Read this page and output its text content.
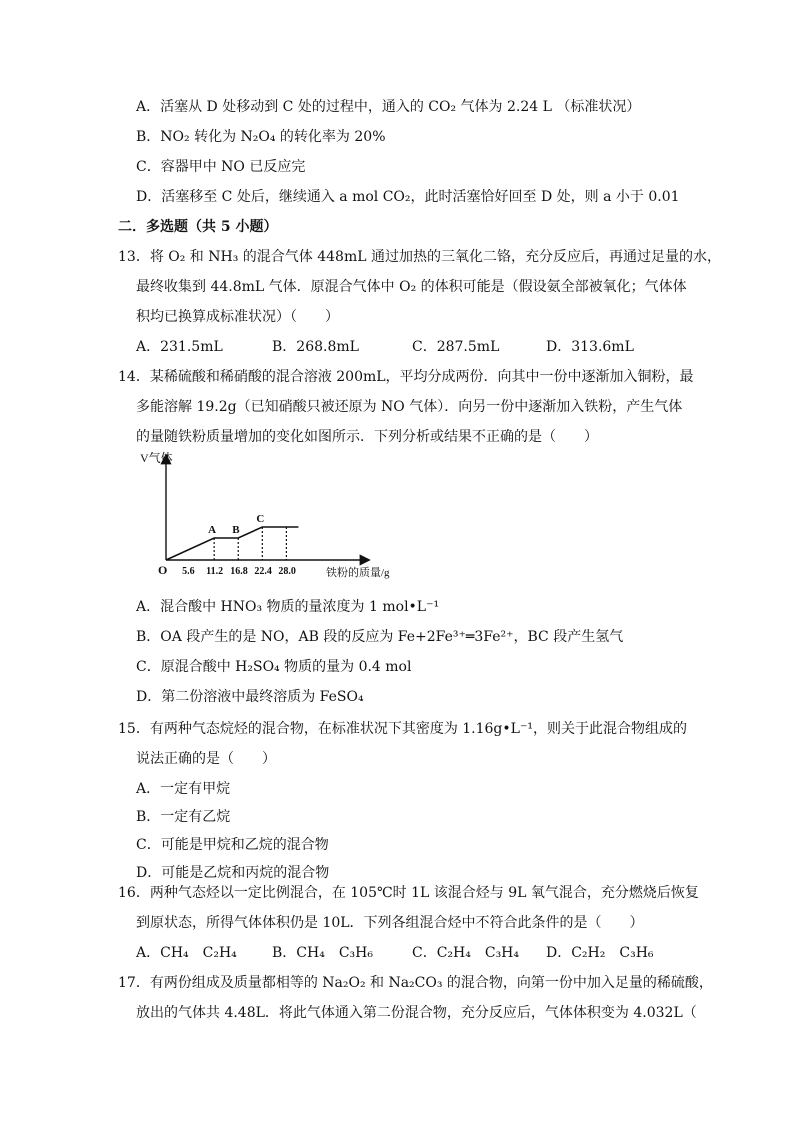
A．活塞从 D 处移动到 C 处的过程中，通入的 CO₂ 气体为 2.24 L （标准状况）
B．NO₂ 转化为 N₂O₄ 的转化率为 20%
C．容器甲中 NO 已反应完
D．活塞移至 C 处后，继续通入 a mol CO₂，此时活塞恰好回至 D 处，则 a 小于 0.01
二．多选题（共 5 小题）
13．将 O₂ 和 NH₃ 的混合气体 448mL 通过加热的三氧化二铬，充分反应后，再通过足量的水，
最终收集到 44.8mL 气体．原混合气体中 O₂ 的体积可能是（假设氨全部被氧化；气体体
积均已换算成标准状况）（　　）
A．231.5mL	B．268.8mL	C．287.5mL	D．313.6mL
14．某稀硫酸和稀硝酸的混合溶液 200mL，平均分成两份．向其中一份中逐渐加入铜粉，最
多能溶解 19.2g（已知硝酸只被还原为 NO 气体）．向另一份中逐渐加入铁粉，产生气体
的量随铁粉质量增加的变化如图所示．下列分析或结果不正确的是（　　）
V气体
O
A B
C
5.6 11.2 16.8 22.4 28.0	铁粉的质量/g
A．混合酸中 HNO₃ 物质的量浓度为 1 mol•L⁻¹
B．OA 段产生的是 NO，AB 段的反应为 Fe+2Fe³⁺═3Fe²⁺，BC 段产生氢气
C．原混合酸中 H₂SO₄ 物质的量为 0.4 mol
D．第二份溶液中最终溶质为 FeSO₄
15．有两种气态烷烃的混合物，在标准状况下其密度为 1.16g•L⁻¹，则关于此混合物组成的
说法正确的是（　　）
A．一定有甲烷
B．一定有乙烷
C．可能是甲烷和乙烷的混合物
D．可能是乙烷和丙烷的混合物
16．两种气态烃以一定比例混合，在 105℃时 1L 该混合烃与 9L 氧气混合，充分燃烧后恢复
到原状态，所得气体体积仍是 10L．下列各组混合烃中不符合此条件的是（　　）
A．CH₄　C₂H₄	B．CH₄　C₃H₆	C．C₂H₄　C₃H₄ D．C₂H₂　C₃H₆
17．有两份组成及质量都相等的 Na₂O₂ 和 Na₂CO₃ 的混合物，向第一份中加入足量的稀硫酸，
放出的气体共 4.48L．将此气体通入第二份混合物，充分反应后，气体体积变为 4.032L（
